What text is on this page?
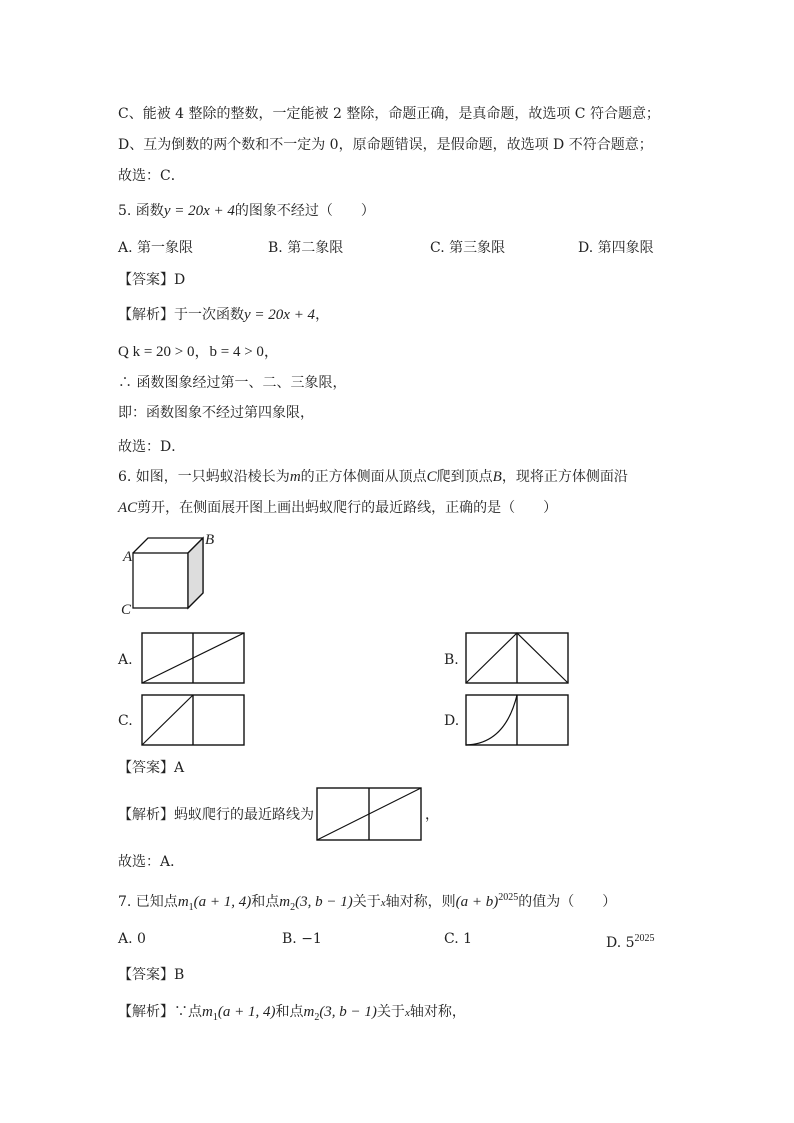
C、能被 4 整除的整数，一定能被 2 整除，命题正确，是真命题，故选项 C 符合题意；
D、互为倒数的两个数和不一定为 0，原命题错误，是假命题，故选项 D 不符合题意；
故选：C．
5. 函数y = 20x + 4的图象不经过（　　）
A. 第一象限	B. 第二象限	C. 第三象限	D. 第四象限
【答案】D
【解析】于一次函数y = 20x + 4，
Q k = 20 > 0，b = 4 > 0，
∴ 函数图象经过第一、二、三象限，
即：函数图象不经过第四象限，
故选：D．
6. 如图，一只蚂蚁沿棱长为m的正方体侧面从顶点C爬到顶点B，现将正方体侧面沿
AC剪开，在侧面展开图上画出蚂蚁爬行的最近路线，正确的是（　　）
A
B
C
A.	B.
C.	D.
【答案】A
【解析】蚂蚁爬行的最近路线为	，
故选：A．
7. 已知点$m_1(a + 1$, 4)和点$m_2(3$, b − 1)关于x轴对称，则$(a + b)^{2025}$的值为（　　）
A. 0	B. −1	C. 1	D. $5^{2025}$
【答案】B
【解析】∵点$m_1(a + 1$, 4)和点$m_2(3$, b − 1)关于x轴对称，
